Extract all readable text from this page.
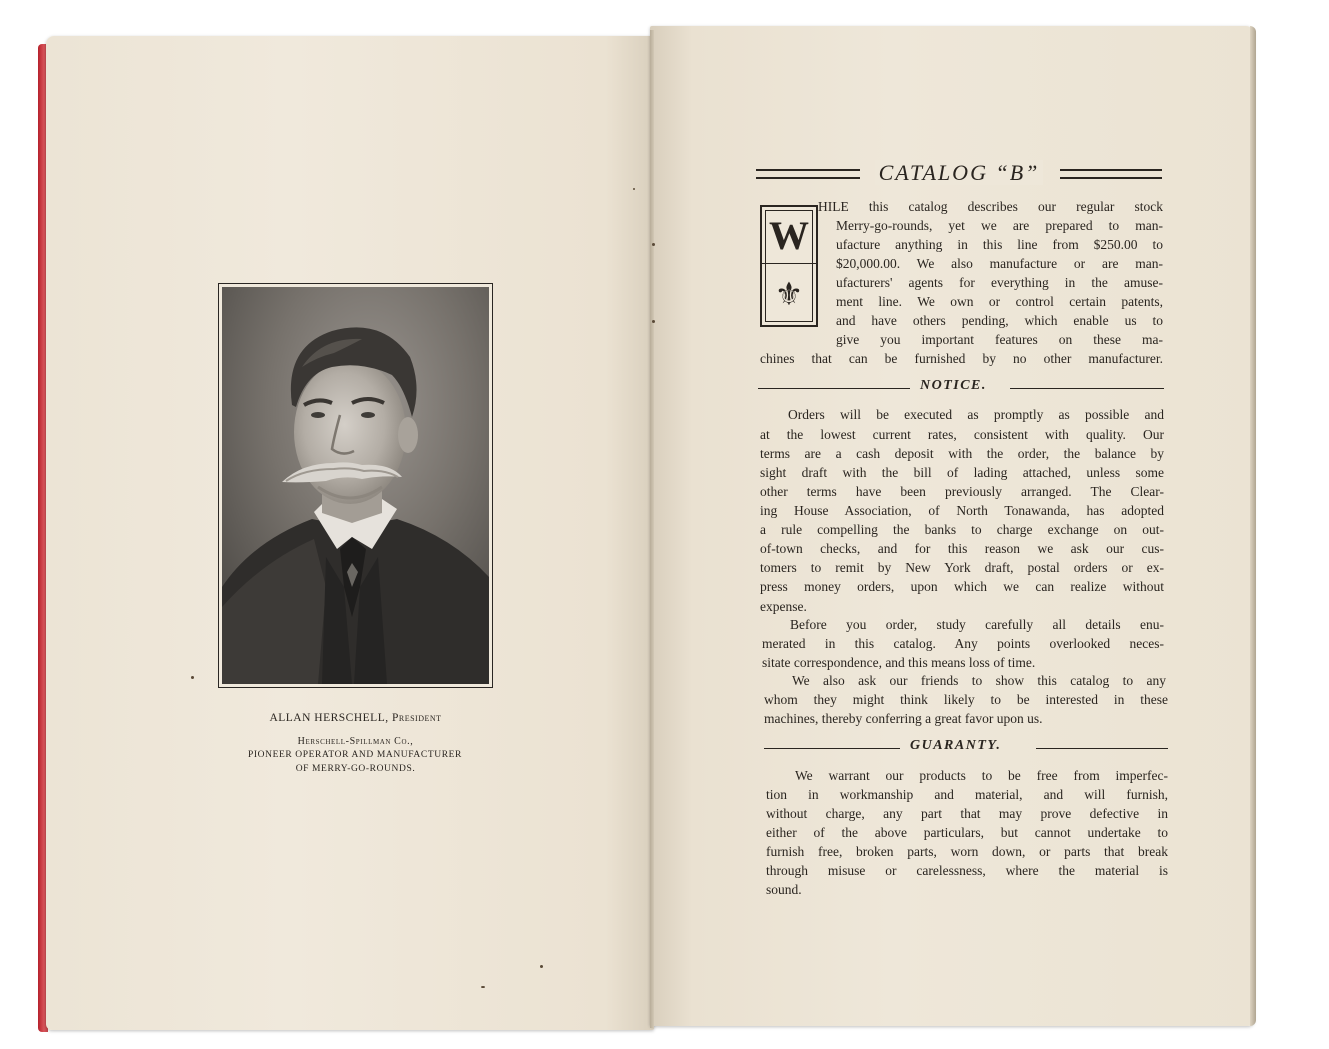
ALLAN HERSCHELL, President
Herschell-Spillman Co.,
PIONEER OPERATOR AND MANUFACTURER
OF MERRY-GO-ROUNDS.
CATALOG “B”
W
⚜
HILE this catalog describes our regular stock
Merry-go-rounds, yet we are prepared to man-
ufacture anything in this line from $250.00 to
$20,000.00. We also manufacture or are man-
ufacturers' agents for everything in the amuse-
ment line. We own or control certain patents,
and have others pending, which enable us to
give you important features on these ma-
chines that can be furnished by no other manufacturer.
NOTICE.
Orders will be executed as promptly as possible and
at the lowest current rates, consistent with quality. Our
terms are a cash deposit with the order, the balance by
sight draft with the bill of lading attached, unless some
other terms have been previously arranged. The Clear-
ing House Association, of North Tonawanda, has adopted
a rule compelling the banks to charge exchange on out-
of-town checks, and for this reason we ask our cus-
tomers to remit by New York draft, postal orders or ex-
press money orders, upon which we can realize without
expense.
Before you order, study carefully all details enu-
merated in this catalog. Any points overlooked neces-
sitate correspondence, and this means loss of time.
We also ask our friends to show this catalog to any
whom they might think likely to be interested in these
machines, thereby conferring a great favor upon us.
GUARANTY.
We warrant our products to be free from imperfec-
tion in workmanship and material, and will furnish,
without charge, any part that may prove defective in
either of the above particulars, but cannot undertake to
furnish free, broken parts, worn down, or parts that break
through misuse or carelessness, where the material is
sound.
